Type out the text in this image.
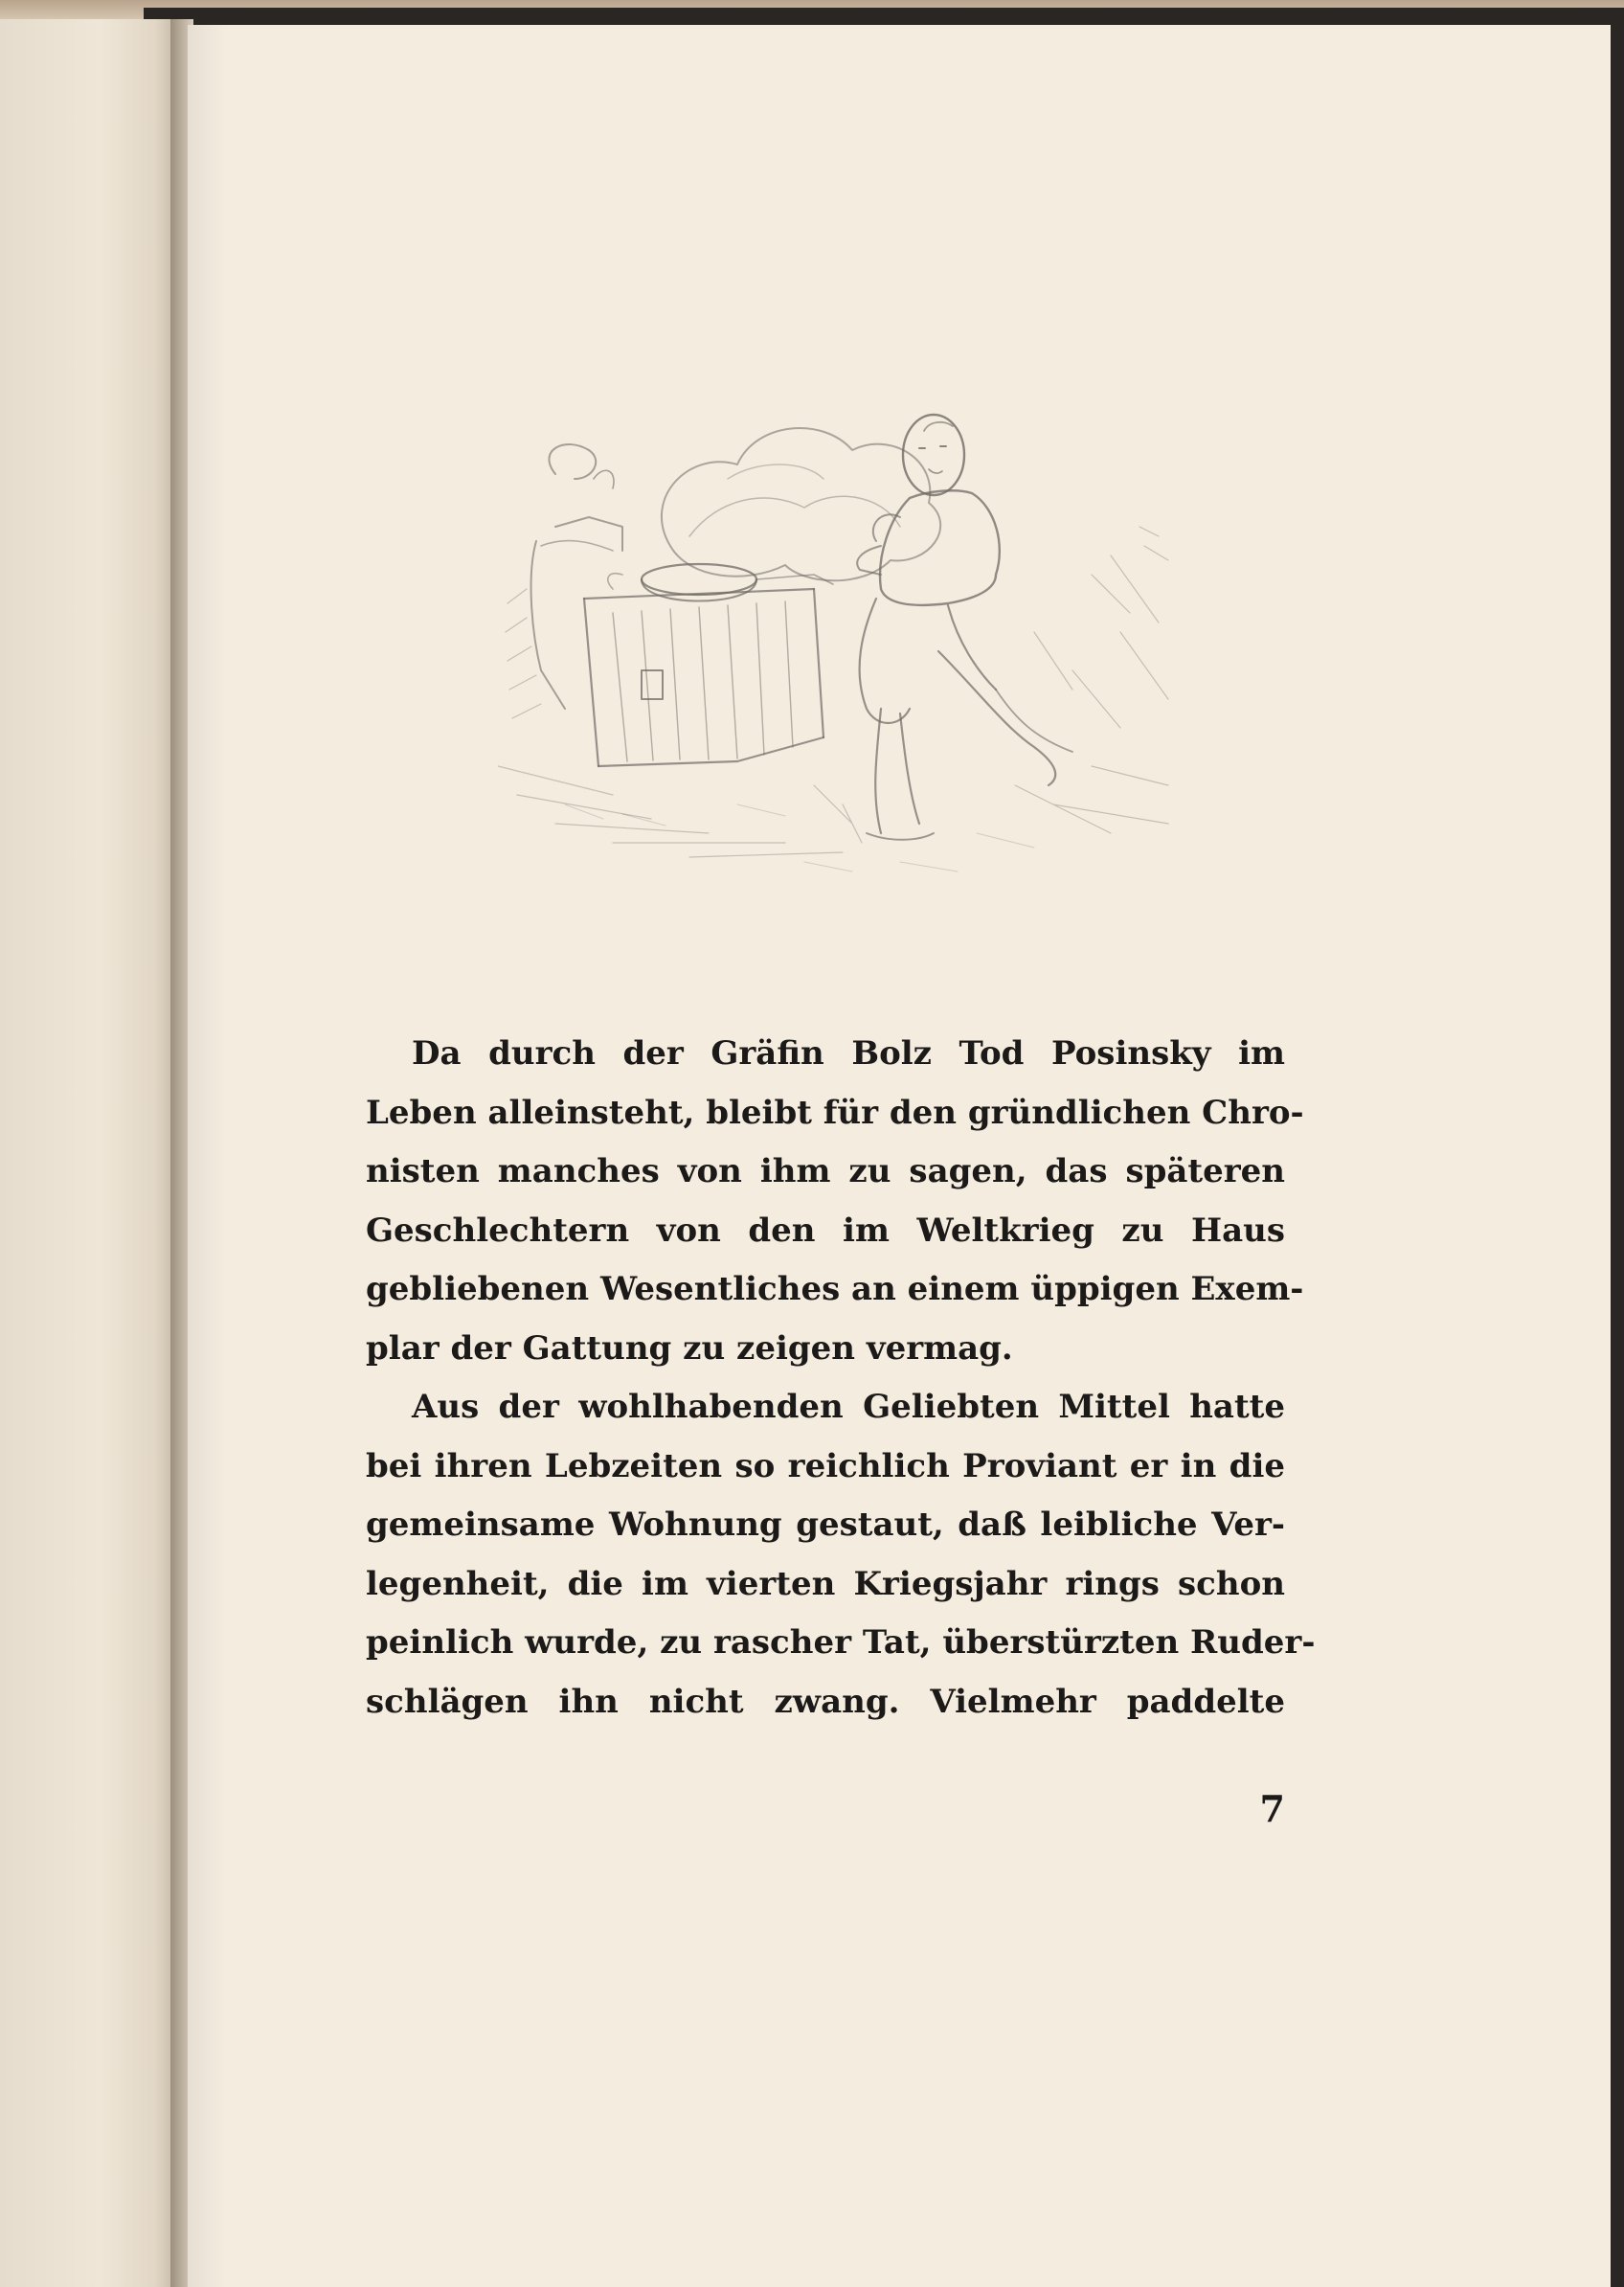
Da durch der Gräfin Bolz Tod Posinsky im
Leben alleinsteht, bleibt für den gründlichen Chro-
nisten manches von ihm zu sagen, das späteren
Geschlechtern von den im Weltkrieg zu Haus
gebliebenen Wesentliches an einem üppigen Exem-
plar der Gattung zu zeigen vermag.
Aus der wohlhabenden Geliebten Mittel hatte
bei ihren Lebzeiten so reichlich Proviant er in die
gemeinsame Wohnung gestaut, daß leibliche Ver-
legenheit, die im vierten Kriegsjahr rings schon
peinlich wurde, zu rascher Tat, überstürzten Ruder-
schlägen ihn nicht zwang. Vielmehr paddelte
7
